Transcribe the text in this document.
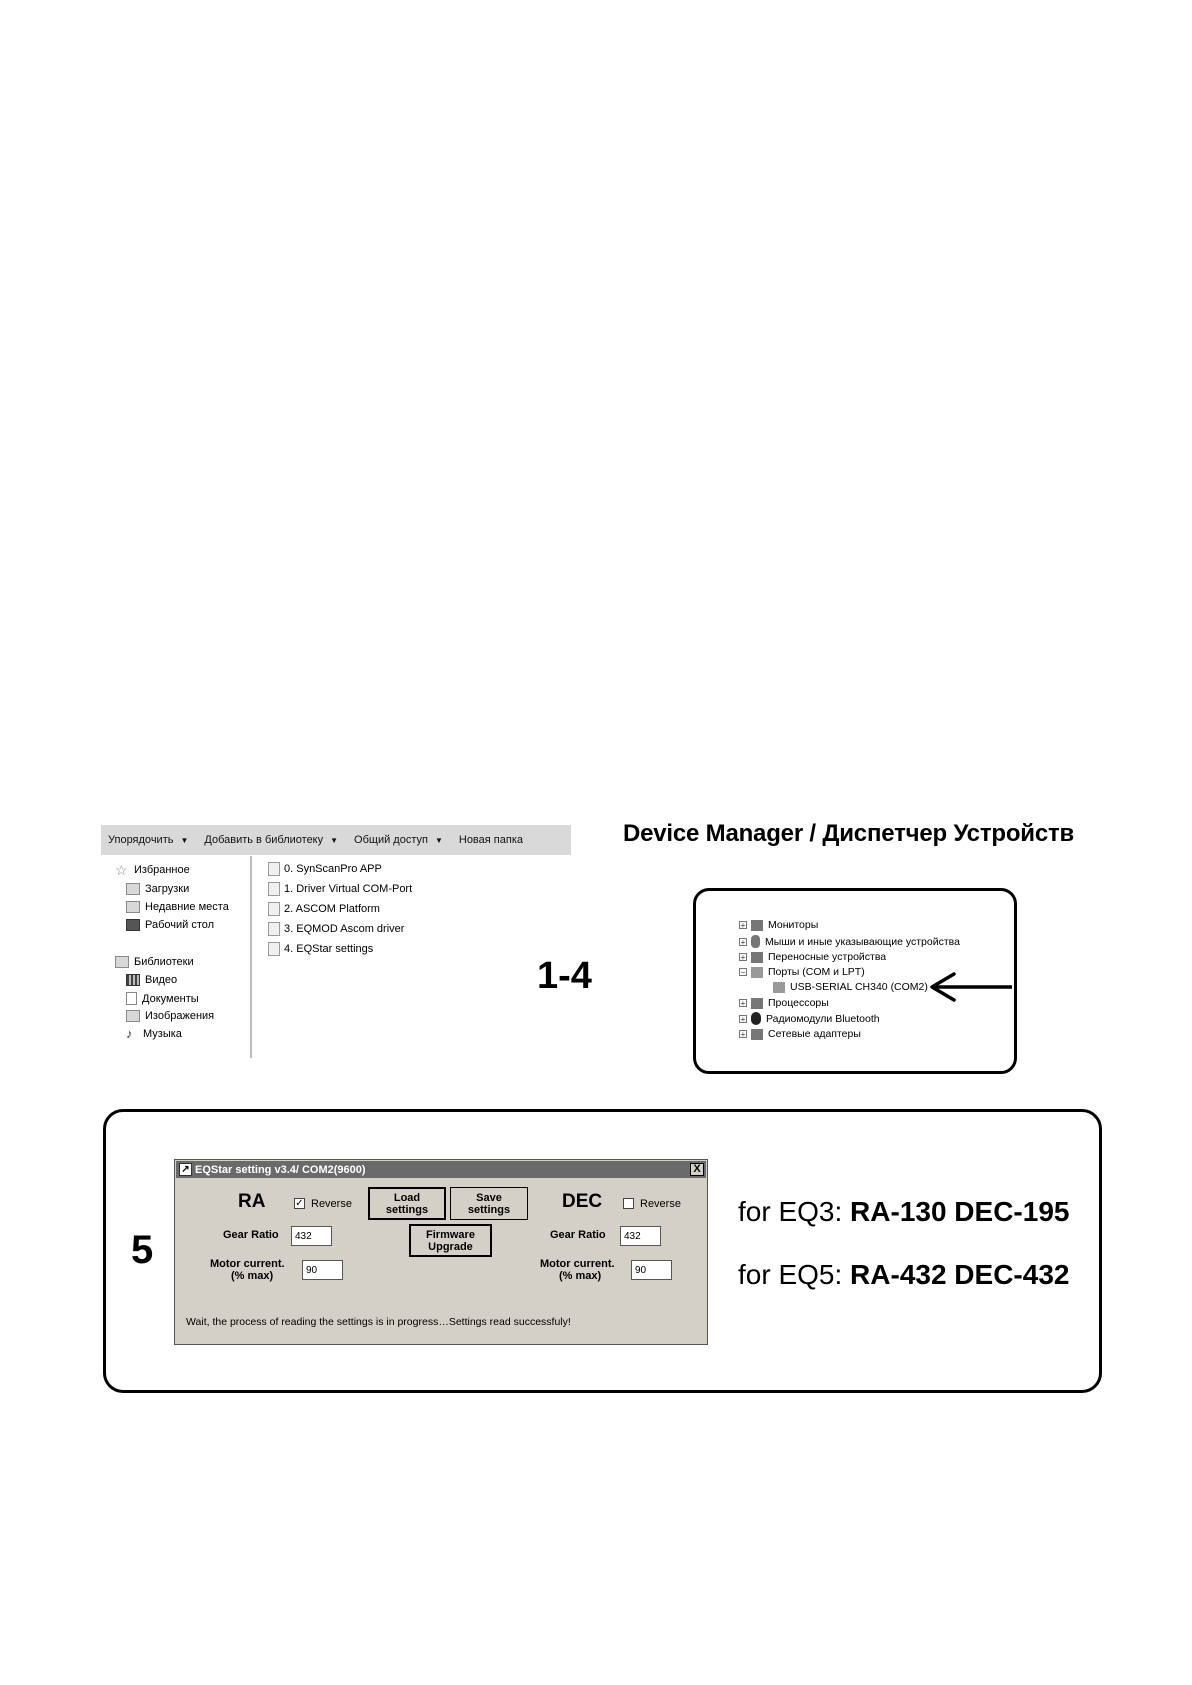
Упорядочить ▼ Добавить в библиотеку ▼ Общий доступ ▼ Новая папка
☆ Избранное
Загрузки
Недавние места
Рабочий стол
Библиотеки
Видео
Документы
Изображения
♪ Музыка
0. SynScanPro APP
1. Driver Virtual COM-Port
2. ASCOM Platform
3. EQMOD Ascom driver
4. EQStar settings
1-4
Device Manager / Диспетчер Устройств
+ Мониторы
+ Мыши и иные указывающие устройства
+ Переносные устройства
− Порты (COM и LPT)
USB-SERIAL CH340 (COM2)
+ Процессоры
+ Радиомодули Bluetooth
+ Сетевые адаптеры
5
↗ EQStar setting v3.4/ COM2(9600)	X
RA	✓ Reverse
Gear Ratio
432
Motor current.
(% max)
90
Load
settings
Save
settings
Firmware
Upgrade
DEC	Reverse
Gear Ratio
432
Motor current.
(% max)
90
Wait, the process of reading the settings is in progress…Settings read successfuly!
for EQ3: RA-130 DEC-195
for EQ5: RA-432 DEC-432
